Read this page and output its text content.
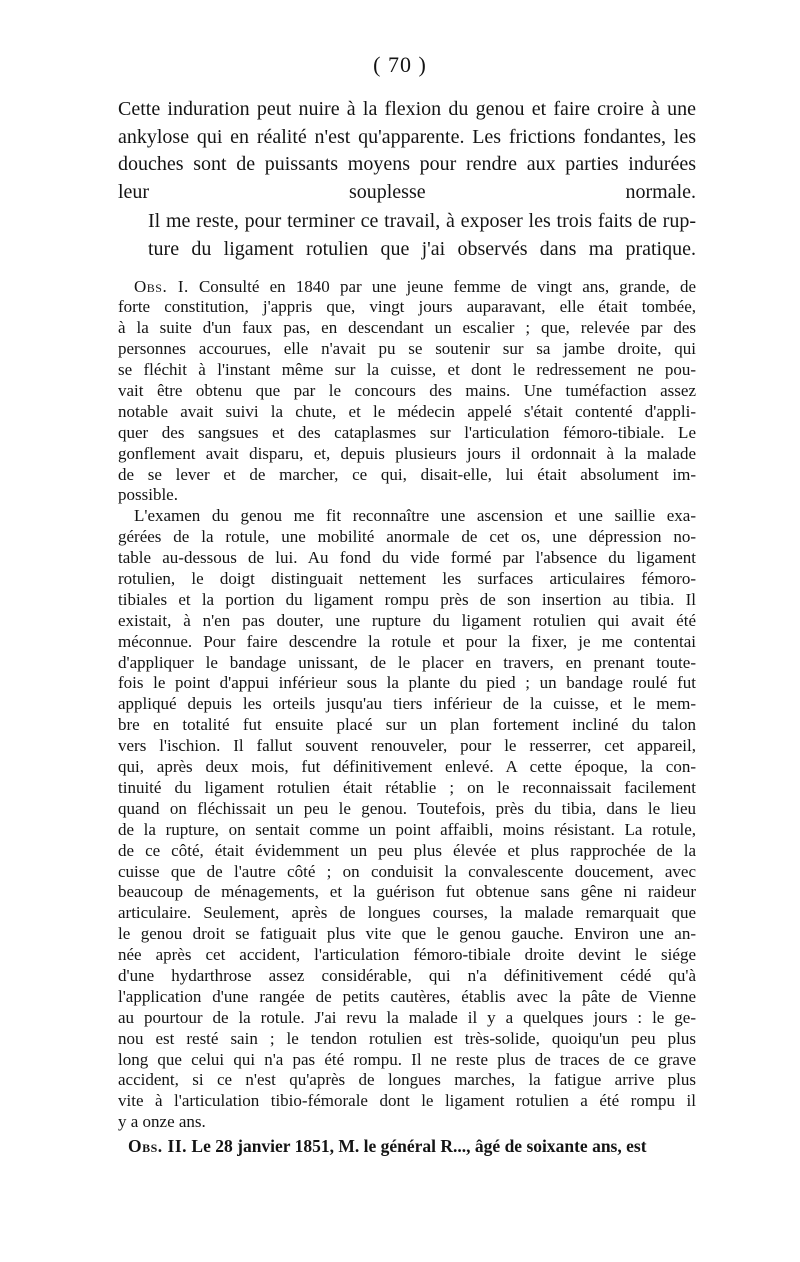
( 70 )

Cette induration peut nuire à la flexion du genou et faire croire à une
ankylose qui en réalité n'est qu'apparente. Les frictions fondantes, les
douches sont de puissants moyens pour rendre aux parties indurées
leur souplesse normale.

Il me reste, pour terminer ce travail, à exposer les trois faits de rup-
ture du ligament rotulien que j'ai observés dans ma pratique.

Obs. I. Consulté en 1840 par une jeune femme de vingt ans, grande, de
forte constitution, j'appris que, vingt jours auparavant, elle était tombée,
à la suite d'un faux pas, en descendant un escalier ; que, relevée par des
personnes accourues, elle n'avait pu se soutenir sur sa jambe droite, qui
se fléchit à l'instant même sur la cuisse, et dont le redressement ne pou-
vait être obtenu que par le concours des mains. Une tuméfaction assez
notable avait suivi la chute, et le médecin appelé s'était contenté d'appli-
quer des sangsues et des cataplasmes sur l'articulation fémoro-tibiale. Le
gonflement avait disparu, et, depuis plusieurs jours il ordonnait à la malade
de se lever et de marcher, ce qui, disait-elle, lui était absolument im-
possible.
L'examen du genou me fit reconnaître une ascension et une saillie exa-
gérées de la rotule, une mobilité anormale de cet os, une dépression no-
table au-dessous de lui. Au fond du vide formé par l'absence du ligament
rotulien, le doigt distinguait nettement les surfaces articulaires fémoro-
tibiales et la portion du ligament rompu près de son insertion au tibia. Il
existait, à n'en pas douter, une rupture du ligament rotulien qui avait été
méconnue. Pour faire descendre la rotule et pour la fixer, je me contentai
d'appliquer le bandage unissant, de le placer en travers, en prenant toute-
fois le point d'appui inférieur sous la plante du pied ; un bandage roulé fut
appliqué depuis les orteils jusqu'au tiers inférieur de la cuisse, et le mem-
bre en totalité fut ensuite placé sur un plan fortement incliné du talon
vers l'ischion. Il fallut souvent renouveler, pour le resserrer, cet appareil,
qui, après deux mois, fut définitivement enlevé. A cette époque, la con-
tinuité du ligament rotulien était rétablie ; on le reconnaissait facilement
quand on fléchissait un peu le genou. Toutefois, près du tibia, dans le lieu
de la rupture, on sentait comme un point affaibli, moins résistant. La rotule,
de ce côté, était évidemment un peu plus élevée et plus rapprochée de la
cuisse que de l'autre côté ; on conduisit la convalescente doucement, avec
beaucoup de ménagements, et la guérison fut obtenue sans gêne ni raideur
articulaire. Seulement, après de longues courses, la malade remarquait que
le genou droit se fatiguait plus vite que le genou gauche. Environ une an-
née après cet accident, l'articulation fémoro-tibiale droite devint le siége
d'une hydarthrose assez considérable, qui n'a définitivement cédé qu'à
l'application d'une rangée de petits cautères, établis avec la pâte de Vienne
au pourtour de la rotule. J'ai revu la malade il y a quelques jours : le ge-
nou est resté sain ; le tendon rotulien est très-solide, quoiqu'un peu plus
long que celui qui n'a pas été rompu. Il ne reste plus de traces de ce grave
accident, si ce n'est qu'après de longues marches, la fatigue arrive plus
vite à l'articulation tibio-fémorale dont le ligament rotulien a été rompu il
y a onze ans.
Obs. II. Le 28 janvier 1851, M. le général R..., âgé de soixante ans, est
